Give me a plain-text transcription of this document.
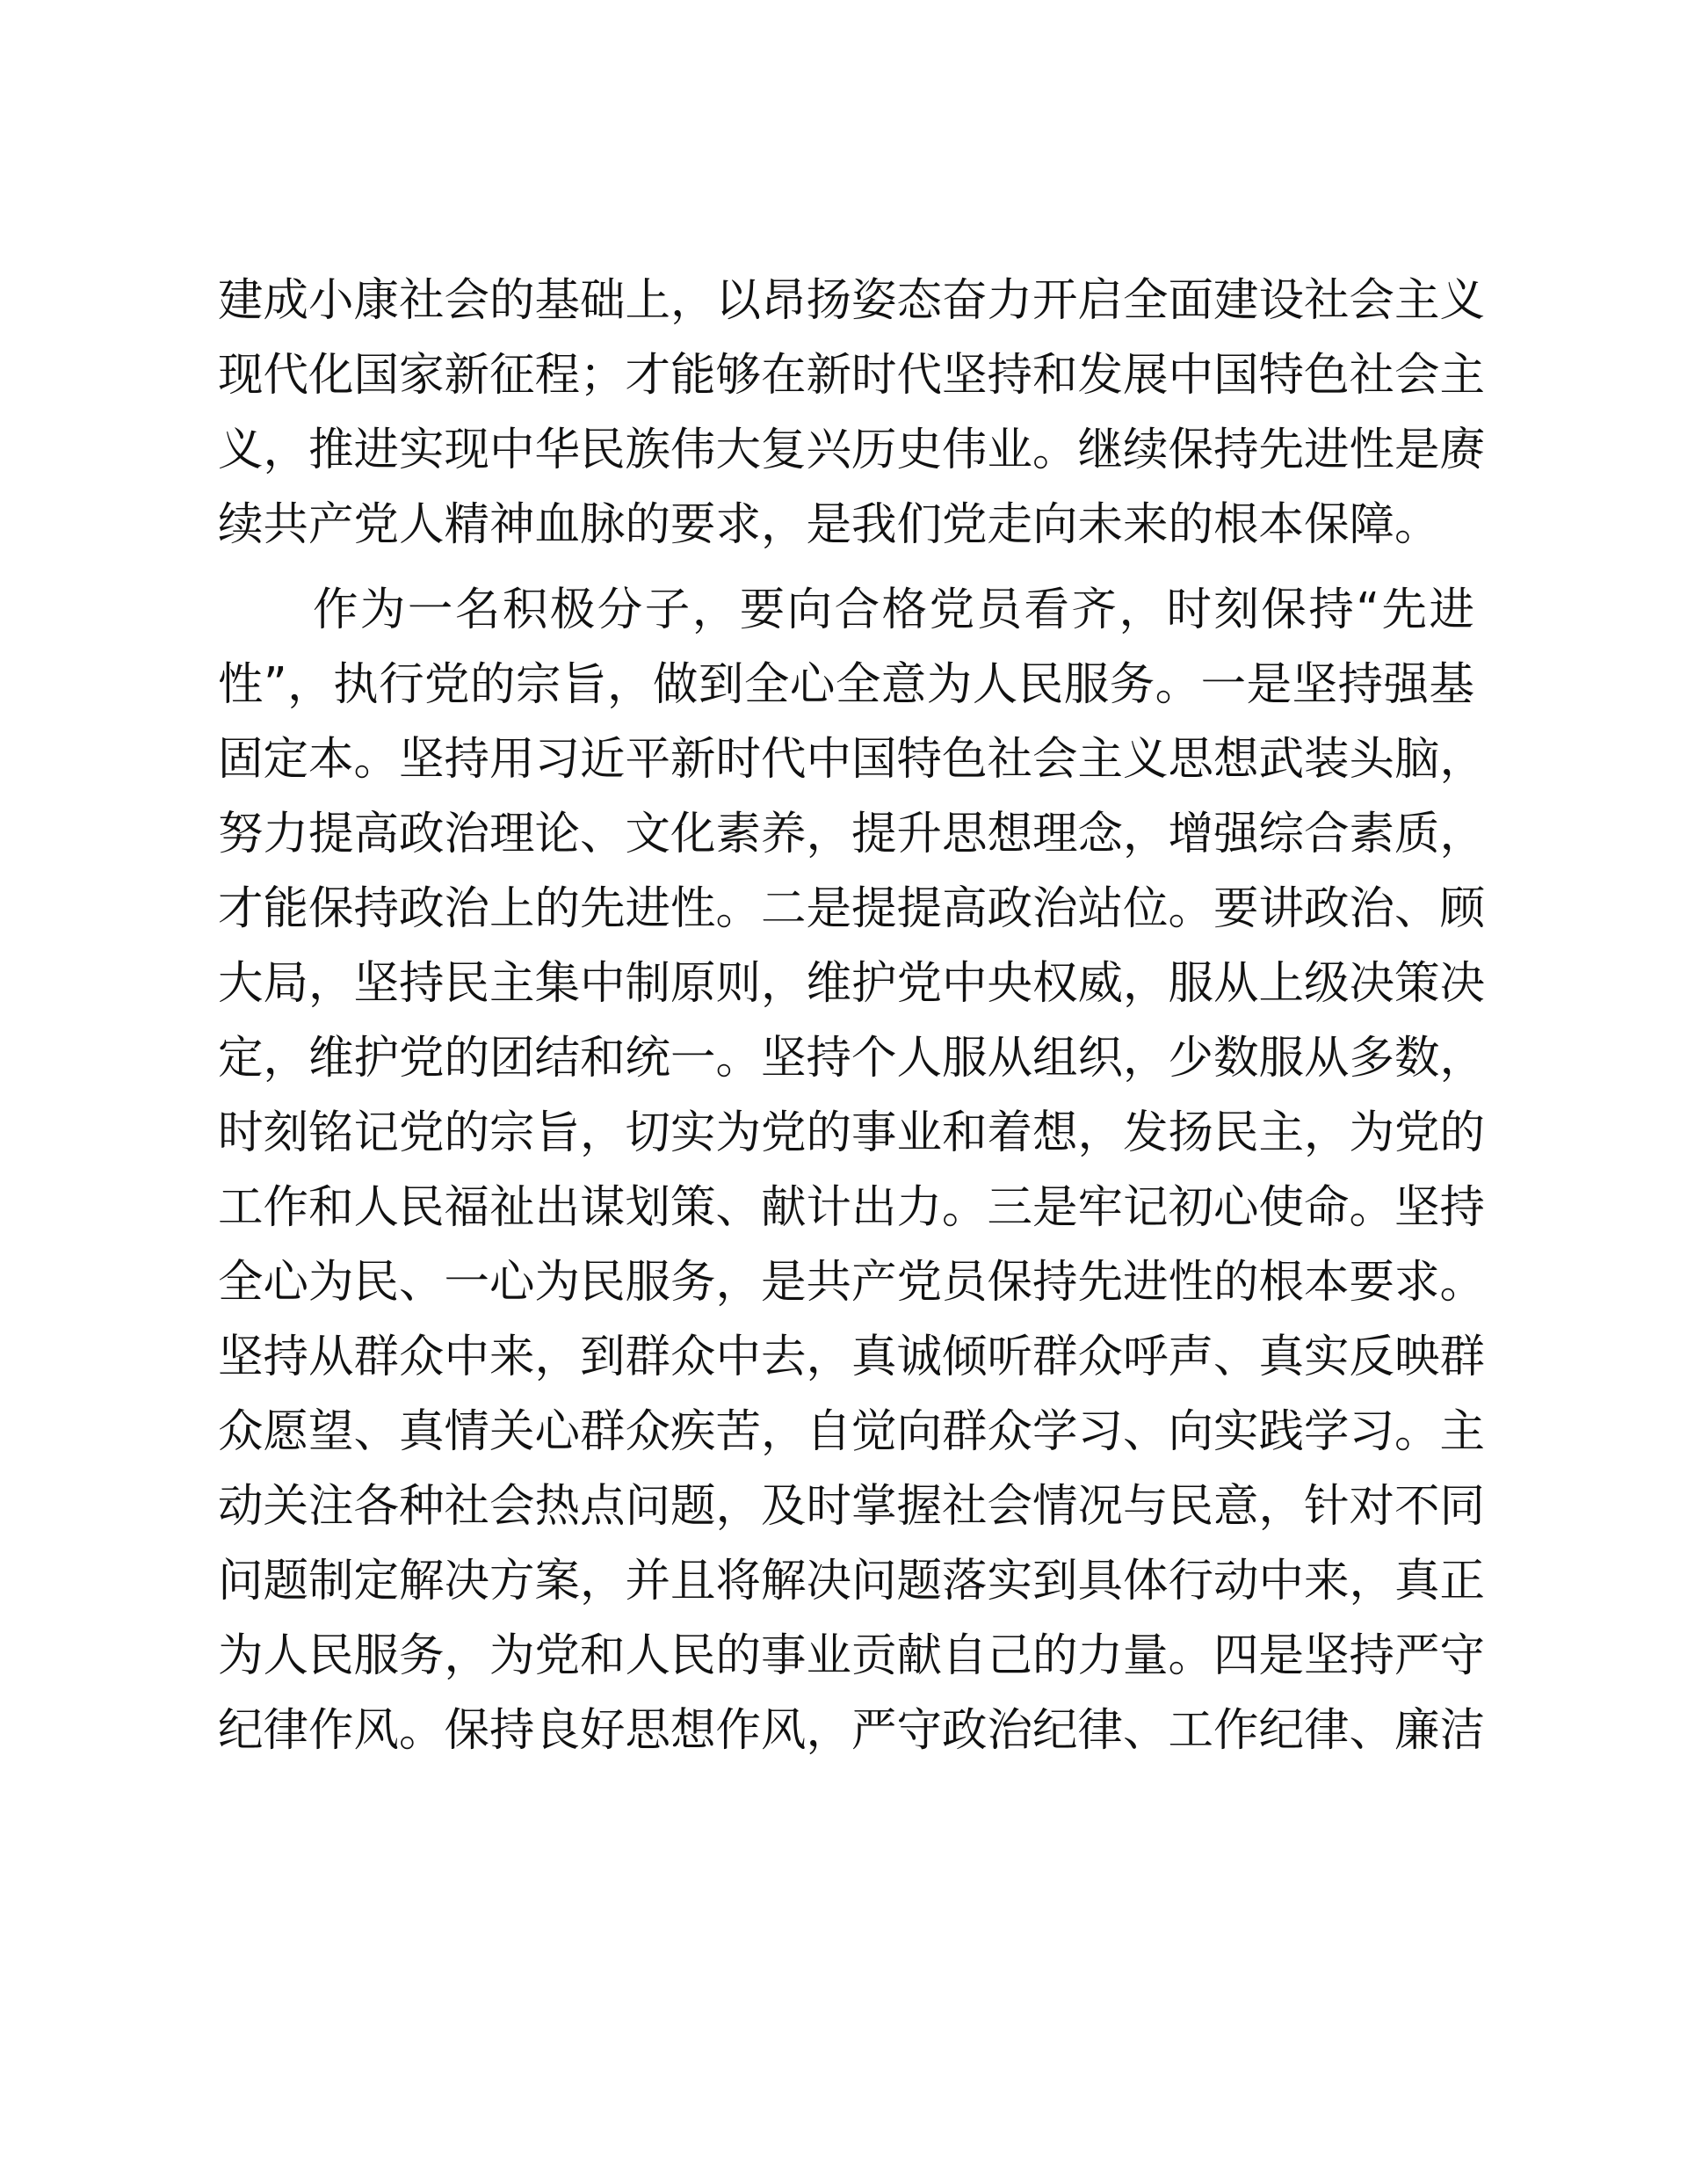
建成小康社会的基础上，以昂扬姿态奋力开启全面建设社会主义
现代化国家新征程；才能够在新时代坚持和发展中国特色社会主
义，推进实现中华民族伟大复兴历史伟业。继续保持先进性是赓
续共产党人精神血脉的要求，是我们党走向未来的根本保障。
　　作为一名积极分子，要向合格党员看齐，时刻保持“先进
性”，执行党的宗旨，做到全心全意为人民服务。一是坚持强基
固定本。坚持用习近平新时代中国特色社会主义思想武装头脑，
努力提高政治理论、文化素养，提升思想理念，增强综合素质，
才能保持政治上的先进性。二是提提高政治站位。要讲政治、顾
大局，坚持民主集中制原则，维护党中央权威，服从上级决策决
定，维护党的团结和统一。坚持个人服从组织，少数服从多数，
时刻铭记党的宗旨，切实为党的事业和着想，发扬民主，为党的
工作和人民福祉出谋划策、献计出力。三是牢记初心使命。坚持
全心为民、一心为民服务，是共产党员保持先进性的根本要求。
坚持从群众中来，到群众中去，真诚倾听群众呼声、真实反映群
众愿望、真情关心群众疾苦，自觉向群众学习、向实践学习。主
动关注各种社会热点问题，及时掌握社会情况与民意，针对不同
问题制定解决方案，并且将解决问题落实到具体行动中来，真正
为人民服务，为党和人民的事业贡献自己的力量。四是坚持严守
纪律作风。保持良好思想作风，严守政治纪律、工作纪律、廉洁
